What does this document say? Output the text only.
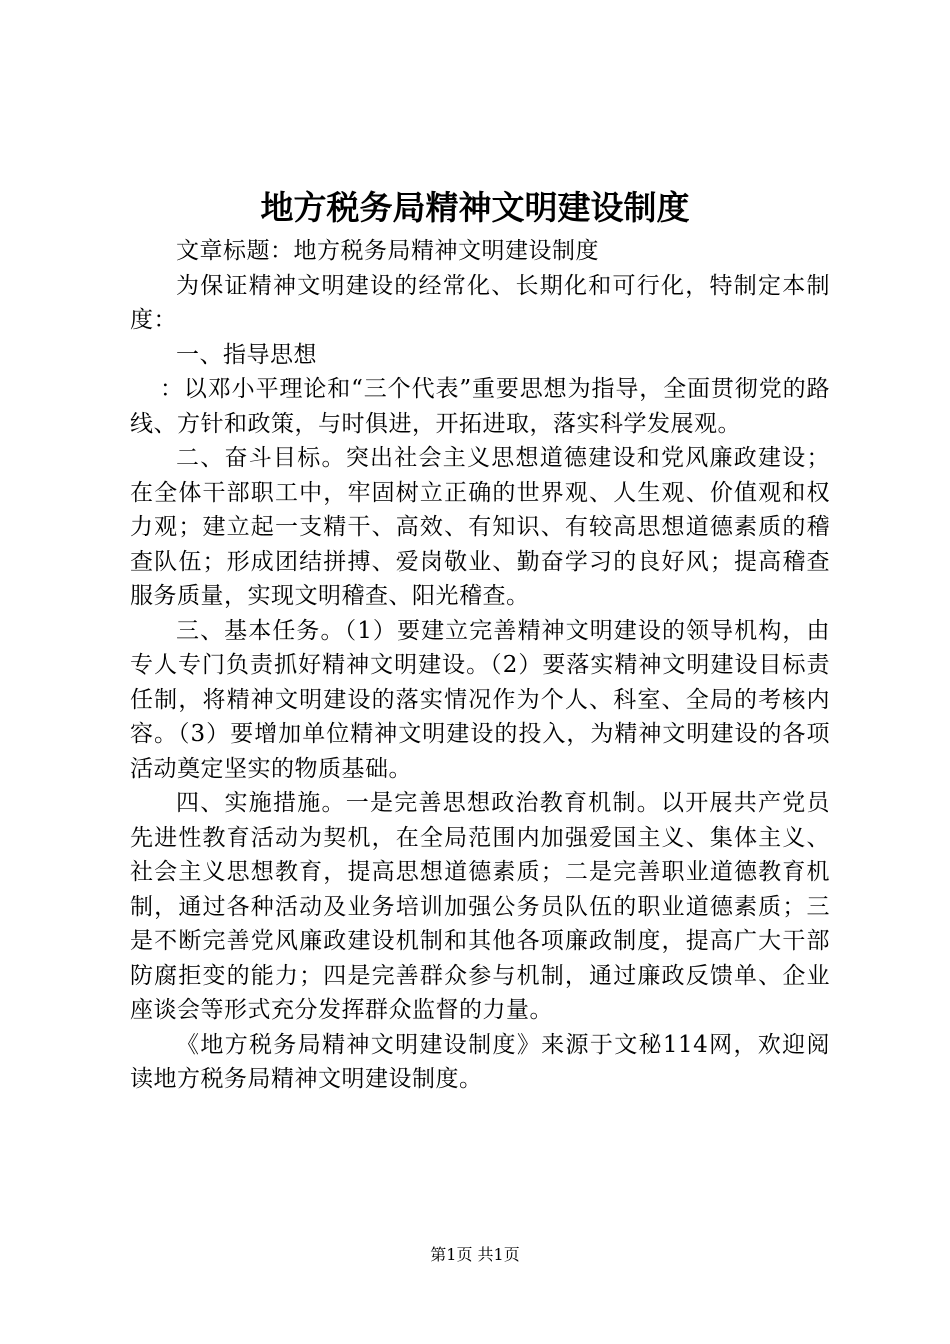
地方税务局精神文明建设制度

文章标题：地方税务局精神文明建设制度

为保证精神文明建设的经常化、长期化和可行化，特制定本制度：

一、指导思想

：以邓小平理论和“三个代表”重要思想为指导，全面贯彻党的路线、方针和政策，与时俱进，开拓进取，落实科学发展观。

二、奋斗目标。突出社会主义思想道德建设和党风廉政建设；在全体干部职工中，牢固树立正确的世界观、人生观、价值观和权力观；建立起一支精干、高效、有知识、有较高思想道德素质的稽查队伍；形成团结拼搏、爱岗敬业、勤奋学习的良好风；提高稽查服务质量，实现文明稽查、阳光稽查。

三、基本任务。（1）要建立完善精神文明建设的领导机构，由专人专门负责抓好精神文明建设。（2）要落实精神文明建设目标责任制，将精神文明建设的落实情况作为个人、科室、全局的考核内容。（3）要增加单位精神文明建设的投入，为精神文明建设的各项活动奠定坚实的物质基础。

四、实施措施。一是完善思想政治教育机制。以开展共产党员先进性教育活动为契机，在全局范围内加强爱国主义、集体主义、社会主义思想教育，提高思想道德素质；二是完善职业道德教育机制，通过各种活动及业务培训加强公务员队伍的职业道德素质；三是不断完善党风廉政建设机制和其他各项廉政制度，提高广大干部防腐拒变的能力；四是完善群众参与机制，通过廉政反馈单、企业座谈会等形式充分发挥群众监督的力量。

《地方税务局精神文明建设制度》来源于文秘114网，欢迎阅读地方税务局精神文明建设制度。

第1页 共1页
